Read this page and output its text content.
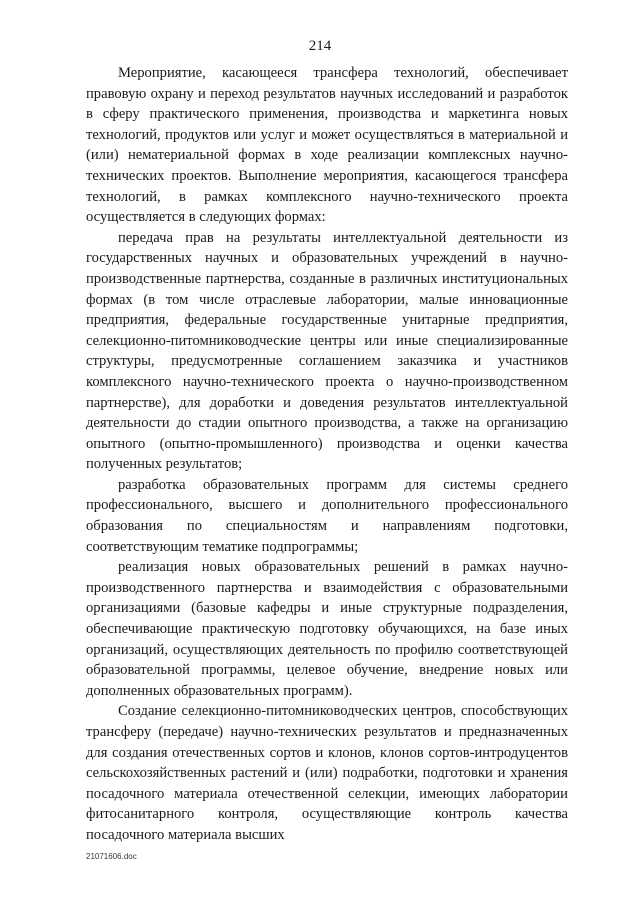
214

Мероприятие, касающееся трансфера технологий, обеспечивает правовую охрану и переход результатов научных исследований и разработок в сферу практического применения, производства и маркетинга новых технологий, продуктов или услуг и может осуществляться в материальной и (или) нематериальной формах в ходе реализации комплексных научно-технических проектов. Выполнение мероприятия, касающегося трансфера технологий, в рамках комплексного научно-технического проекта осуществляется в следующих формах:

передача прав на результаты интеллектуальной деятельности из государственных научных и образовательных учреждений в научно-производственные партнерства, созданные в различных институциональных формах (в том числе отраслевые лаборатории, малые инновационные предприятия, федеральные государственные унитарные предприятия, селекционно-питомниководческие центры или иные специализированные структуры, предусмотренные соглашением заказчика и участников комплексного научно-технического проекта о научно-производственном партнерстве), для доработки и доведения результатов интеллектуальной деятельности до стадии опытного производства, а также на организацию опытного (опытно-промышленного) производства и оценки качества полученных результатов;

разработка образовательных программ для системы среднего профессионального, высшего и дополнительного профессионального образования по специальностям и направлениям подготовки, соответствующим тематике подпрограммы;

реализация новых образовательных решений в рамках научно-производственного партнерства и взаимодействия с образовательными организациями (базовые кафедры и иные структурные подразделения, обеспечивающие практическую подготовку обучающихся, на базе иных организаций, осуществляющих деятельность по профилю соответствующей образовательной программы, целевое обучение, внедрение новых или дополненных образовательных программ).

Создание селекционно-питомниководческих центров, способствующих трансферу (передаче) научно-технических результатов и предназначенных для создания отечественных сортов и клонов, клонов сортов-интродуцентов сельскохозяйственных растений и (или) подработки, подготовки и хранения посадочного материала отечественной селекции, имеющих лаборатории фитосанитарного контроля, осуществляющие контроль качества посадочного материала высших

21071606.doc
